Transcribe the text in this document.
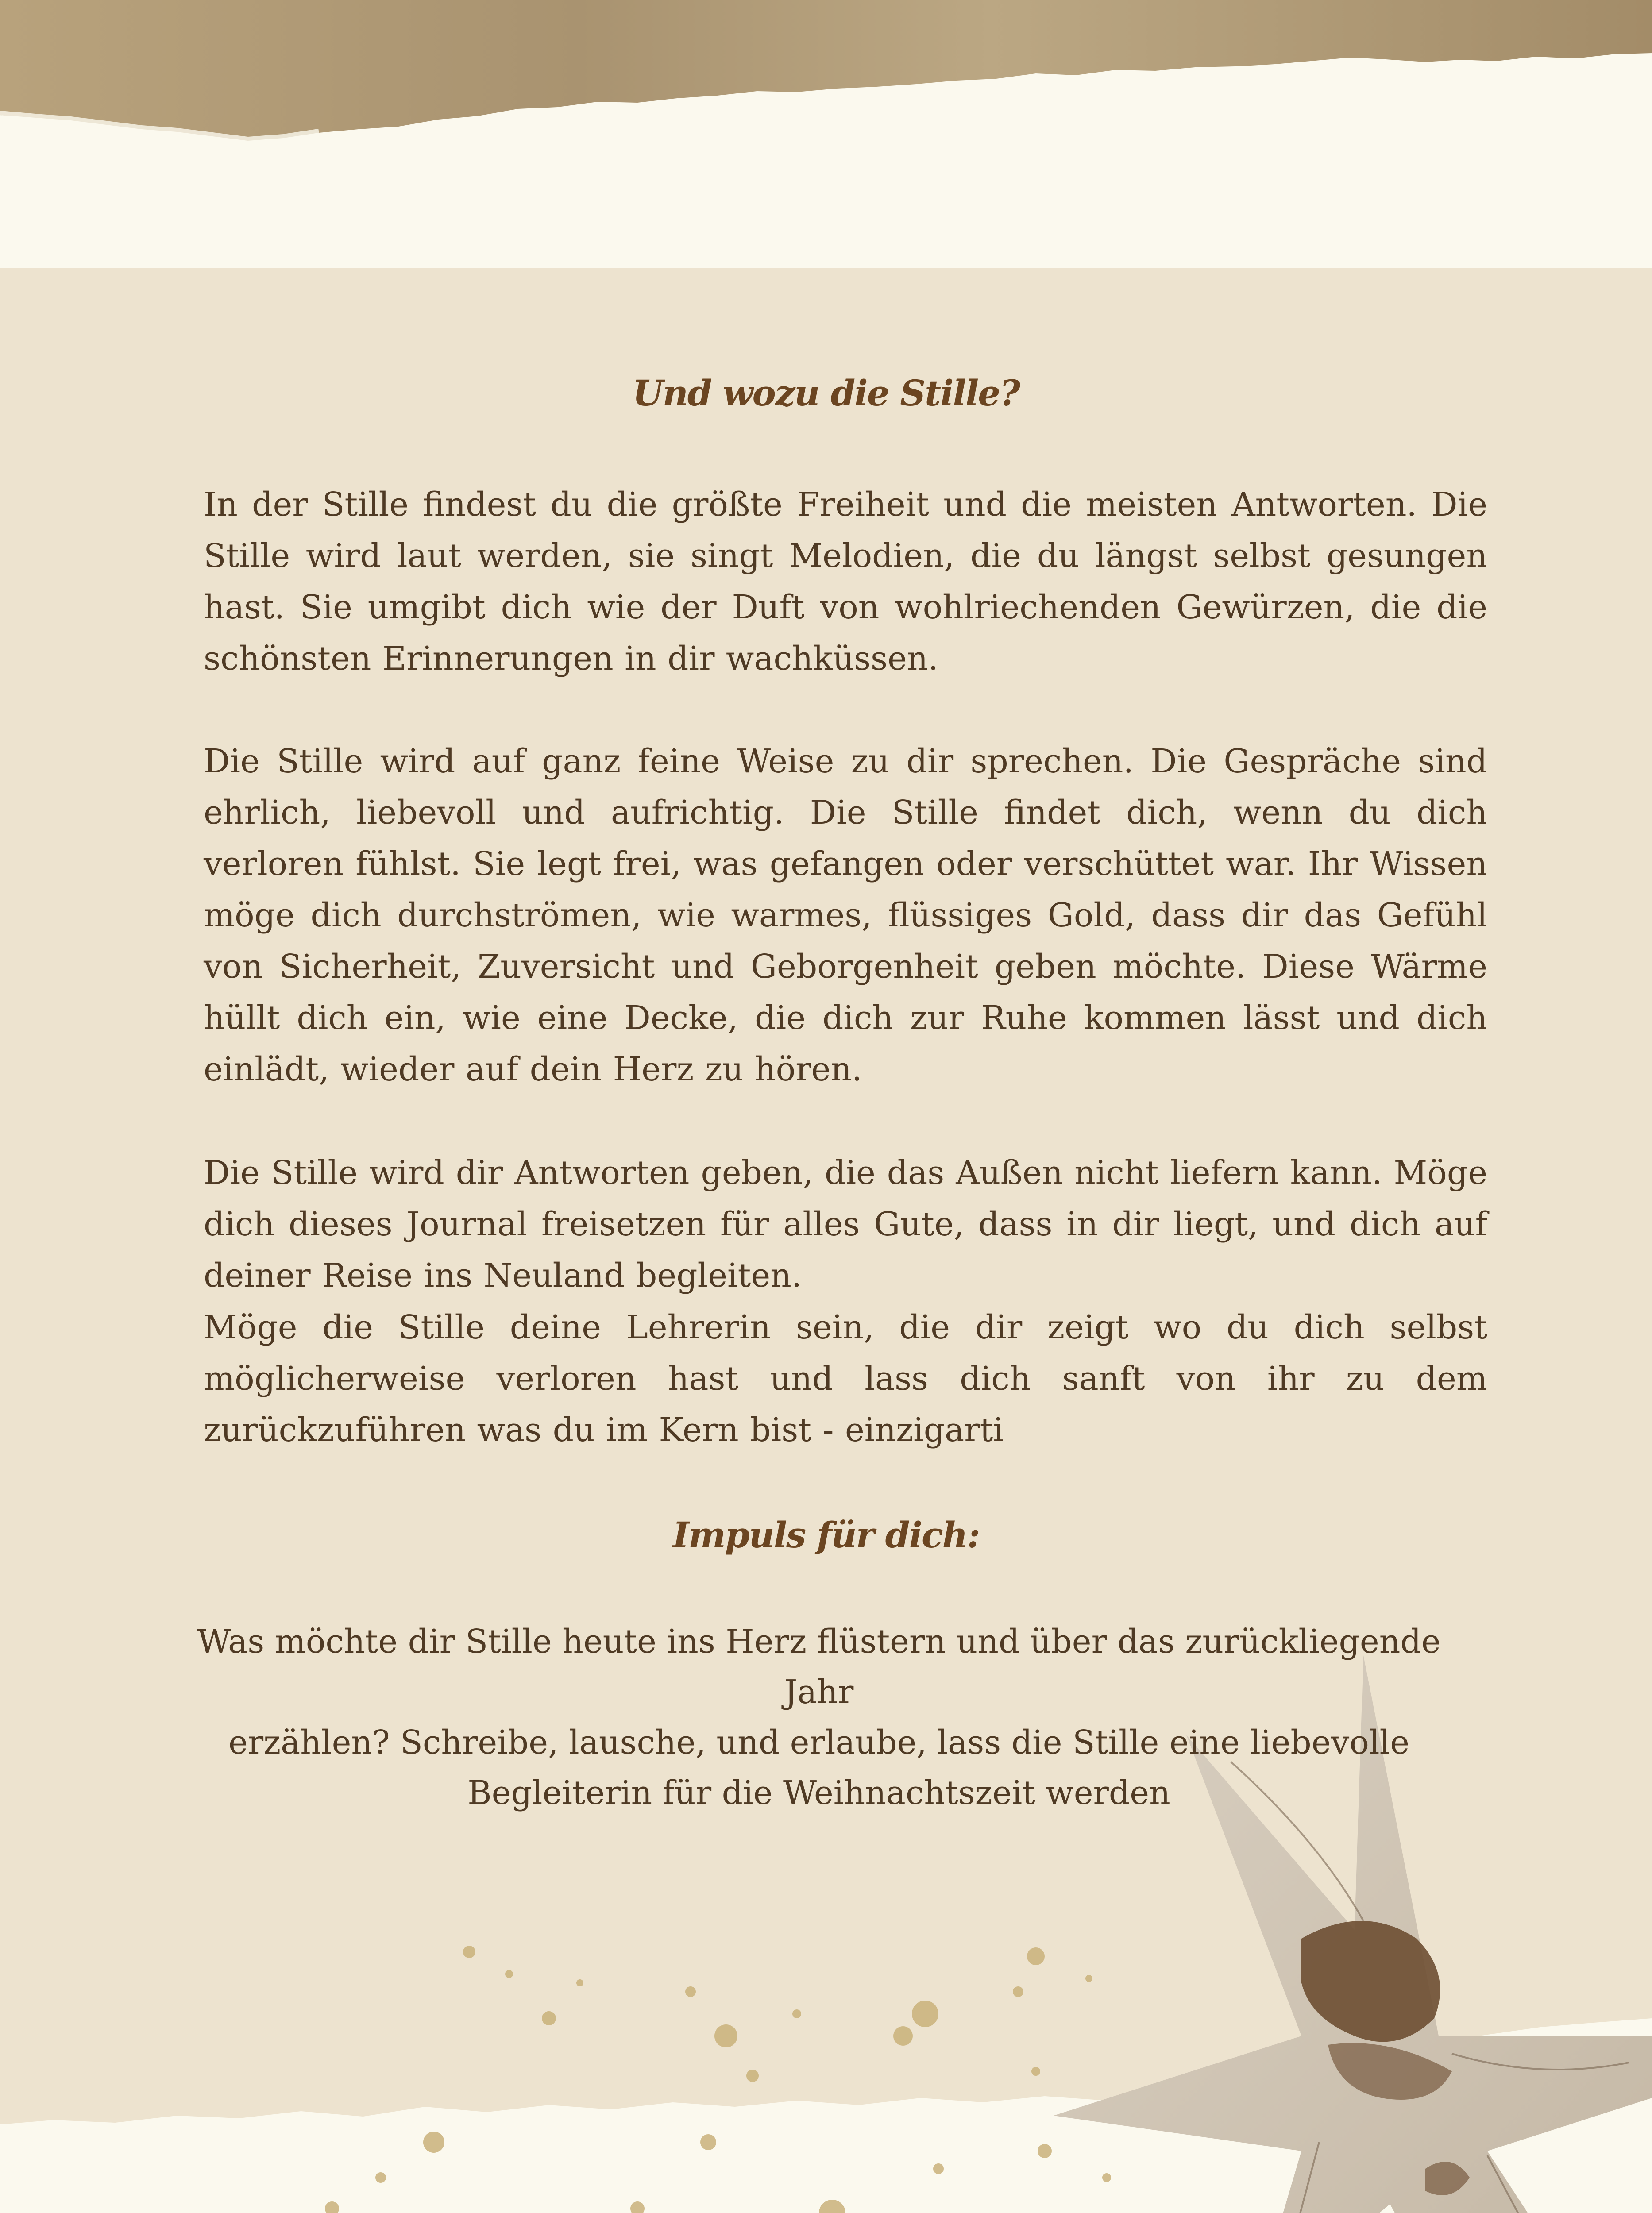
Und wozu die Stille?

In der Stille findest du die größte Freiheit und die meisten Antworten. Die Stille wird laut werden, sie singt Melodien, die du längst selbst gesungen hast. Sie umgibt dich wie der Duft von wohlriechenden Gewürzen, die die schönsten Erinnerungen in dir wachküssen.

Die Stille wird auf ganz feine Weise zu dir sprechen. Die Gespräche sind ehrlich, liebevoll und aufrichtig. Die Stille findet dich, wenn du dich verloren fühlst. Sie legt frei, was gefangen oder verschüttet war. Ihr Wissen möge dich durchströmen, wie warmes, flüssiges Gold, dass dir das Gefühl von Sicherheit, Zuversicht und Geborgenheit geben möchte. Diese Wärme hüllt dich ein, wie eine Decke, die dich zur Ruhe kommen lässt und dich einlädt, wieder auf dein Herz zu hören.

Die Stille wird dir Antworten geben, die das Außen nicht liefern kann. Möge dich dieses Journal freisetzen für alles Gute, dass in dir liegt, und dich auf deiner Reise ins Neuland begleiten.

Möge die Stille deine Lehrerin sein, die dir zeigt wo du dich selbst möglicherweise verloren hast und lass dich sanft von ihr zu dem zurückzuführen was du im Kern bist - einzigarti

Impuls für dich:
Was möchte dir Stille heute ins Herz flüstern und über das zurückliegende Jahr
erzählen? Schreibe, lausche, und erlaube, lass die Stille eine liebevolle
Begleiterin für die Weihnachtszeit werden
